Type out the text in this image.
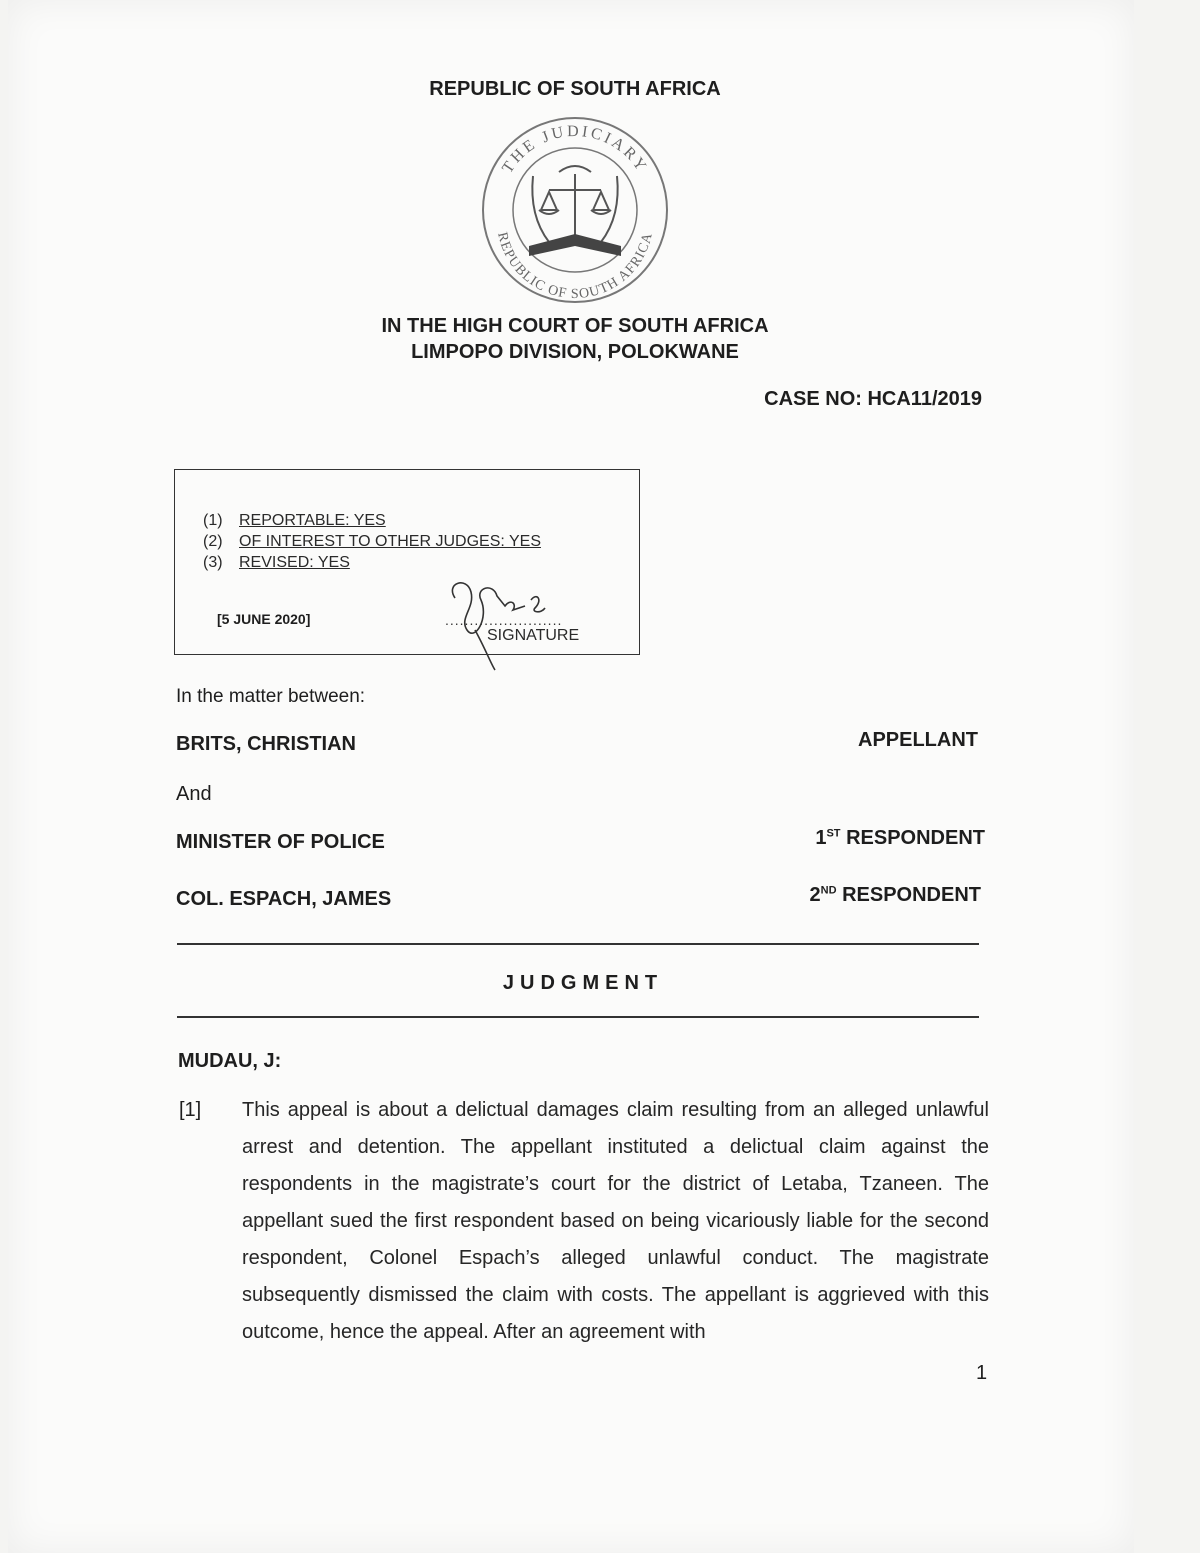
REPUBLIC OF SOUTH AFRICA
THE JUDICIARY
REPUBLIC OF SOUTH AFRICA
IN THE HIGH COURT OF SOUTH AFRICA
LIMPOPO DIVISION, POLOKWANE
CASE NO: HCA11/2019
(1) REPORTABLE: YES
(2) OF INTEREST TO OTHER JUDGES: YES
(3) REVISED: YES
[5 JUNE 2020]	........................
SIGNATURE
In the matter between:
BRITS, CHRISTIAN	APPELLANT
And
MINISTER OF POLICE	1ST RESPONDENT
COL. ESPACH, JAMES	2ND RESPONDENT
JUDGMENT
MUDAU, J:
[1] This appeal is about a delictual damages claim resulting from an alleged unlawful arrest and detention. The appellant instituted a delictual claim against the respondents in the magistrate’s court for the district of Letaba, Tzaneen. The appellant sued the first respondent based on being vicariously liable for the second respondent, Colonel Espach’s alleged unlawful conduct. The magistrate subsequently dismissed the claim with costs. The appellant is aggrieved with this outcome, hence the appeal. After an agreement with
1
